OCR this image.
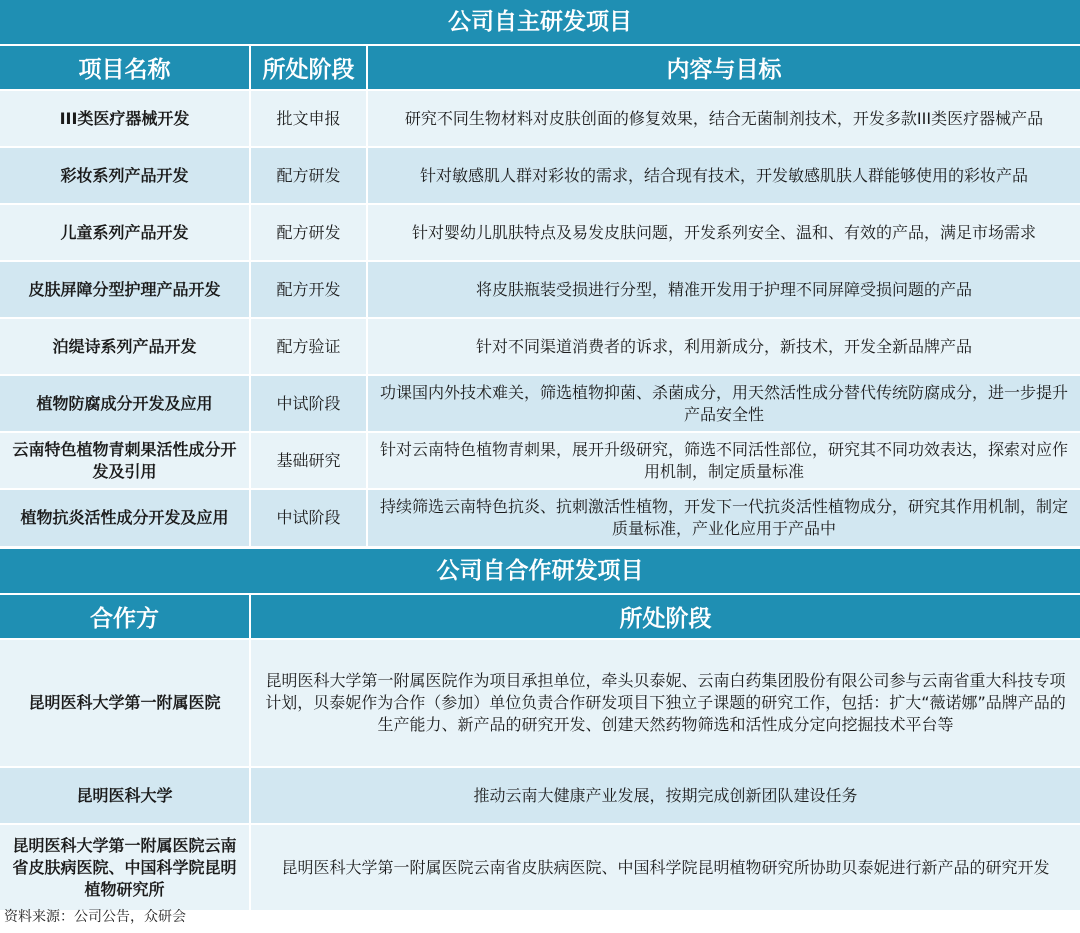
公司自主研发项目		
项目名称	所处阶段	内容与目标
III类医疗器械开发	批文申报	研究不同生物材料对皮肤创面的修复效果，结合无菌制剂技术，开发多款III类医疗器械产品
彩妆系列产品开发	配方研发	针对敏感肌人群对彩妆的需求，结合现有技术，开发敏感肌肤人群能够使用的彩妆产品
儿童系列产品开发	配方研发	针对婴幼儿肌肤特点及易发皮肤问题，开发系列安全、温和、有效的产品，满足市场需求
皮肤屏障分型护理产品开发	配方开发	将皮肤瓶装受损进行分型，精准开发用于护理不同屏障受损问题的产品
泊缇诗系列产品开发	配方验证	针对不同渠道消费者的诉求，利用新成分，新技术，开发全新品牌产品
植物防腐成分开发及应用	中试阶段	功课国内外技术难关，筛选植物抑菌、杀菌成分，用天然活性成分替代传统防腐成分，进一步提升产品安全性
云南特色植物青刺果活性成分开发及引用	基础研究	针对云南特色植物青刺果，展开升级研究，筛选不同活性部位，研究其不同功效表达，探索对应作用机制，制定质量标准
植物抗炎活性成分开发及应用	中试阶段	持续筛选云南特色抗炎、抗刺激活性植物，开发下一代抗炎活性植物成分，研究其作用机制，制定质量标准，产业化应用于产品中
公司自合作研发项目	
合作方	所处阶段
昆明医科大学第一附属医院	昆明医科大学第一附属医院作为项目承担单位，牵头贝泰妮、云南白药集团股份有限公司参与云南省重大科技专项计划，贝泰妮作为合作（参加）单位负责合作研发项目下独立子课题的研究工作，包括：扩大“薇诺娜”品牌产品的生产能力、新产品的研究开发、创建天然药物筛选和活性成分定向挖掘技术平台等
昆明医科大学	推动云南大健康产业发展，按期完成创新团队建设任务
昆明医科大学第一附属医院云南省皮肤病医院、中国科学院昆明植物研究所	昆明医科大学第一附属医院云南省皮肤病医院、中国科学院昆明植物研究所协助贝泰妮进行新产品的研究开发
资料来源：公司公告，众研会
